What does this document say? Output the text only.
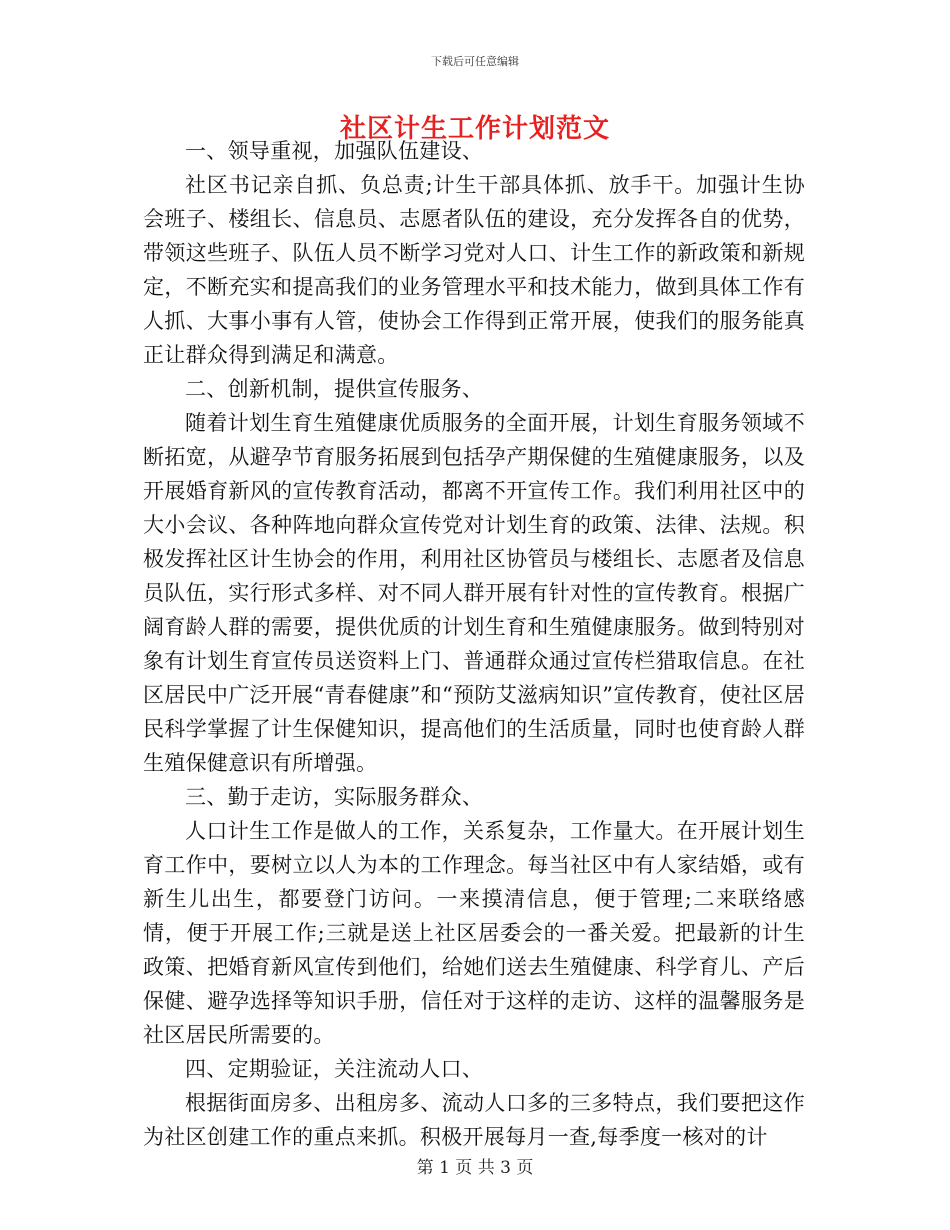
下载后可任意编辑
社区计生工作计划范文

一、领导重视，加强队伍建设、

社区书记亲自抓、负总责;计生干部具体抓、放手干。加强计生协会班子、楼组长、信息员、志愿者队伍的建设，充分发挥各自的优势，带领这些班子、队伍人员不断学习党对人口、计生工作的新政策和新规定，不断充实和提高我们的业务管理水平和技术能力，做到具体工作有人抓、大事小事有人管，使协会工作得到正常开展，使我们的服务能真正让群众得到满足和满意。

二、创新机制，提供宣传服务、

随着计划生育生殖健康优质服务的全面开展，计划生育服务领域不断拓宽，从避孕节育服务拓展到包括孕产期保健的生殖健康服务，以及开展婚育新风的宣传教育活动，都离不开宣传工作。我们利用社区中的大小会议、各种阵地向群众宣传党对计划生育的政策、法律、法规。积极发挥社区计生协会的作用，利用社区协管员与楼组长、志愿者及信息员队伍，实行形式多样、对不同人群开展有针对性的宣传教育。根据广阔育龄人群的需要，提供优质的计划生育和生殖健康服务。做到特别对象有计划生育宣传员送资料上门、普通群众通过宣传栏猎取信息。在社区居民中广泛开展“青春健康”和“预防艾滋病知识”宣传教育，使社区居民科学掌握了计生保健知识，提高他们的生活质量，同时也使育龄人群生殖保健意识有所增强。

三、勤于走访，实际服务群众、

人口计生工作是做人的工作，关系复杂，工作量大。在开展计划生育工作中，要树立以人为本的工作理念。每当社区中有人家结婚，或有新生儿出生，都要登门访问。一来摸清信息，便于管理;二来联络感情，便于开展工作;三就是送上社区居委会的一番关爱。把最新的计生政策、把婚育新风宣传到他们，给她们送去生殖健康、科学育儿、产后保健、避孕选择等知识手册，信任对于这样的走访、这样的温馨服务是社区居民所需要的。

四、定期验证，关注流动人口、

根据街面房多、出租房多、流动人口多的三多特点，我们要把这作为社区创建工作的重点来抓。积极开展每月一查,每季度一核对的计

第 1 页 共 3 页
